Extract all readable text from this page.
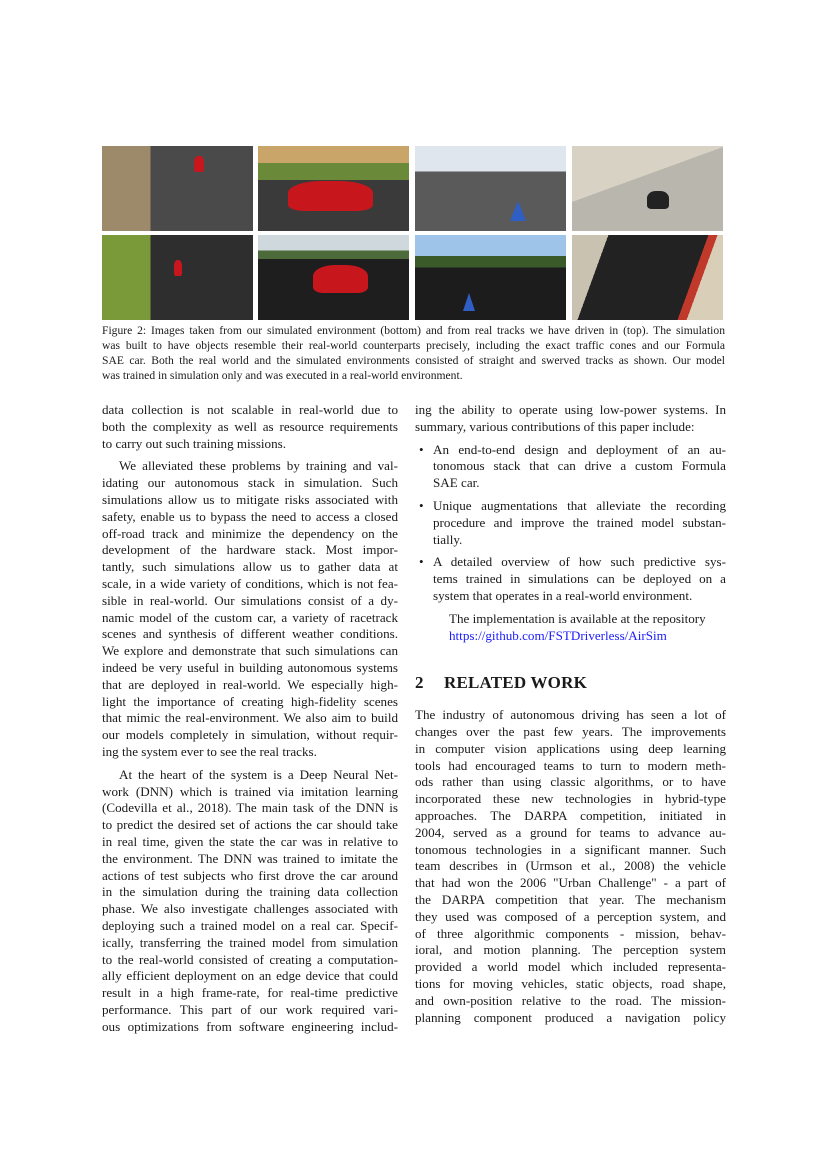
Figure 2: Images taken from our simulated environment (bottom) and from real tracks we have driven in (top). The simulation
was built to have objects resemble their real-world counterparts precisely, including the exact traffic cones and our Formula
SAE car. Both the real world and the simulated environments consisted of straight and swerved tracks as shown. Our model
was trained in simulation only and was executed in a real-world environment.
data collection is not scalable in real-world due to
both the complexity as well as resource requirements
to carry out such training missions.
We alleviated these problems by training and val-
idating our autonomous stack in simulation. Such
simulations allow us to mitigate risks associated with
safety, enable us to bypass the need to access a closed
off-road track and minimize the dependency on the
development of the hardware stack. Most impor-
tantly, such simulations allow us to gather data at
scale, in a wide variety of conditions, which is not fea-
sible in real-world. Our simulations consist of a dy-
namic model of the custom car, a variety of racetrack
scenes and synthesis of different weather conditions.
We explore and demonstrate that such simulations can
indeed be very useful in building autonomous systems
that are deployed in real-world. We especially high-
light the importance of creating high-fidelity scenes
that mimic the real-environment. We also aim to build
our models completely in simulation, without requir-
ing the system ever to see the real tracks.
At the heart of the system is a Deep Neural Net-
work (DNN) which is trained via imitation learning
(Codevilla et al., 2018). The main task of the DNN is
to predict the desired set of actions the car should take
in real time, given the state the car was in relative to
the environment. The DNN was trained to imitate the
actions of test subjects who first drove the car around
in the simulation during the training data collection
phase. We also investigate challenges associated with
deploying such a trained model on a real car. Specif-
ically, transferring the trained model from simulation
to the real-world consisted of creating a computation-
ally efficient deployment on an edge device that could
result in a high frame-rate, for real-time predictive
performance. This part of our work required vari-
ous optimizations from software engineering includ-
ing the ability to operate using low-power systems. In
summary, various contributions of this paper include:
• An end-to-end design and deployment of an au-
tonomous stack that can drive a custom Formula
SAE car.
• Unique augmentations that alleviate the recording
procedure and improve the trained model substan-
tially.
• A detailed overview of how such predictive sys-
tems trained in simulations can be deployed on a
system that operates in a real-world environment.
The implementation is available at the repository
https://github.com/FSTDriverless/AirSim
2 RELATED WORK
The industry of autonomous driving has seen a lot of
changes over the past few years. The improvements
in computer vision applications using deep learning
tools had encouraged teams to turn to modern meth-
ods rather than using classic algorithms, or to have
incorporated these new technologies in hybrid-type
approaches. The DARPA competition, initiated in
2004, served as a ground for teams to advance au-
tonomous technologies in a significant manner. Such
team describes in (Urmson et al., 2008) the vehicle
that had won the 2006 "Urban Challenge" - a part of
the DARPA competition that year. The mechanism
they used was composed of a perception system, and
of three algorithmic components - mission, behav-
ioral, and motion planning. The perception system
provided a world model which included representa-
tions for moving vehicles, static objects, road shape,
and own-position relative to the road. The mission-
planning component produced a navigation policy
